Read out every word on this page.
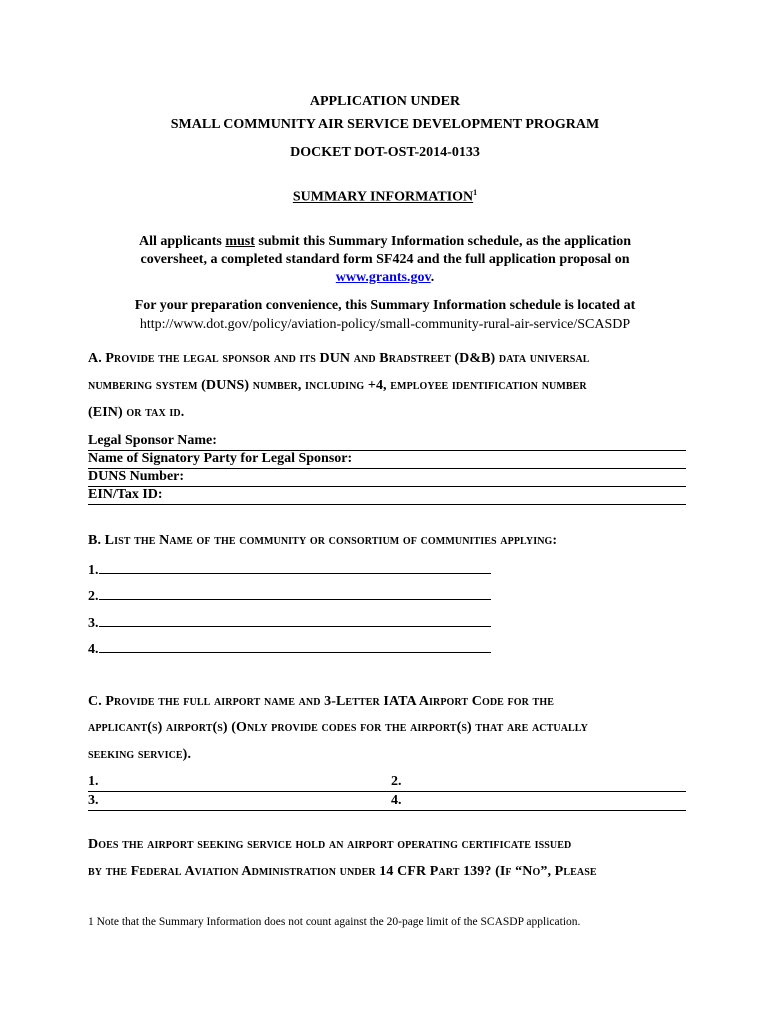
APPLICATION UNDER
SMALL COMMUNITY AIR SERVICE DEVELOPMENT PROGRAM
DOCKET DOT-OST-2014-0133
SUMMARY INFORMATION$^1$
All applicants must submit this Summary Information schedule, as the application
coversheet, a completed standard form SF424 and the full application proposal on
www.grants.gov.
For your preparation convenience, this Summary Information schedule is located at
http://www.dot.gov/policy/aviation-policy/small-community-rural-air-service/SCASDP
A. Provide the legal sponsor and its DUN and Bradstreet (D&B) data universal
numbering system (DUNS) number, including +4, employee identification number
(EIN) or tax id.
Legal Sponsor Name:
Name of Signatory Party for Legal Sponsor:
DUNS Number:
EIN/Tax ID:
B. List the Name of the community or consortium of communities applying:
1.
2.
3.
4.
C. Provide the full airport name and 3-Letter IATA Airport Code for the
applicant(s) airport(s) (Only provide codes for the airport(s) that are actually
seeking service).
1.	2.
3.	4.
Does the airport seeking service hold an airport operating certificate issued
by the Federal Aviation Administration under 14 CFR Part 139? (If “No”, Please
1 Note that the Summary Information does not count against the 20-page limit of the SCASDP application.
